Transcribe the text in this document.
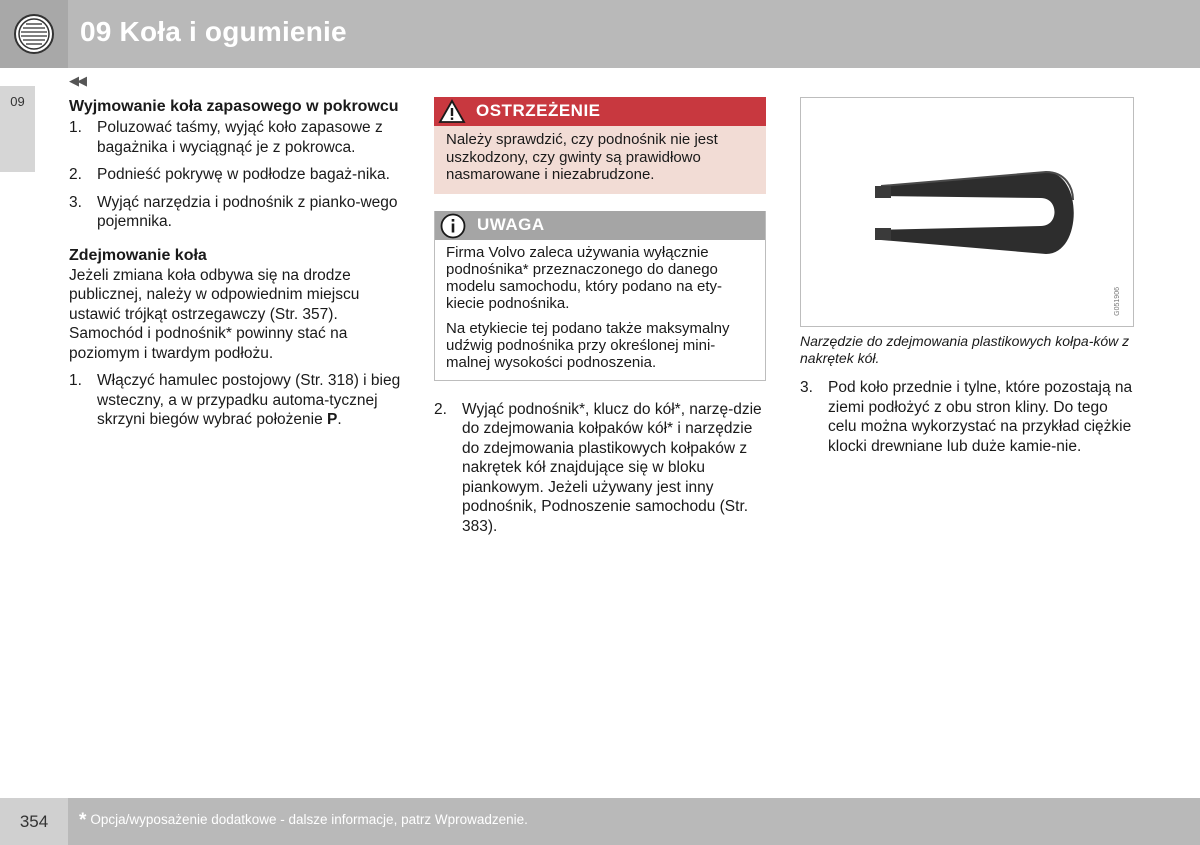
09 Koła i ogumienie
09
◀◀
Wyjmowanie koła zapasowego w pokrowcu
1. Poluzować taśmy, wyjąć koło zapasowe z bagażnika i wyciągnąć je z pokrowca.
2. Podnieść pokrywę w podłodze bagaż-nika.
3. Wyjąć narzędzia i podnośnik z pianko-wego pojemnika.
Zdejmowanie koła

Jeżeli zmiana koła odbywa się na drodze publicznej, należy w odpowiednim miejscu ustawić trójkąt ostrzegawczy (Str. 357). Samochód i podnośnik* powinny stać na poziomym i twardym podłożu.

1. Włączyć hamulec postojowy (Str. 318) i bieg wsteczny, a w przypadku automa-tycznej skrzyni biegów wybrać położenie P.
OSTRZEŻENIE
Należy sprawdzić, czy podnośnik nie jest uszkodzony, czy gwinty są prawidłowo nasmarowane i niezabrudzone.
UWAGA

Firma Volvo zaleca używania wyłącznie podnośnika* przeznaczonego do danego modelu samochodu, który podano na ety-kiecie podnośnika.

Na etykiecie tej podano także maksymalny udźwig podnośnika przy określonej mini-malnej wysokości podnoszenia.

2. Wyjąć podnośnik*, klucz do kół*, narzę-dzie do zdejmowania kołpaków kół* i narzędzie do zdejmowania plastikowych kołpaków z nakrętek kół znajdujące się w bloku piankowym. Jeżeli używany jest inny podnośnik, Podnoszenie samochodu (Str. 383).
G051906
Narzędzie do zdejmowania plastikowych kołpa-ków z nakrętek kół.
3. Pod koło przednie i tylne, które pozostają na ziemi podłożyć z obu stron kliny. Do tego celu można wykorzystać na przykład ciężkie klocki drewniane lub duże kamie-nie.
354	* Opcja/wyposażenie dodatkowe - dalsze informacje, patrz Wprowadzenie.
